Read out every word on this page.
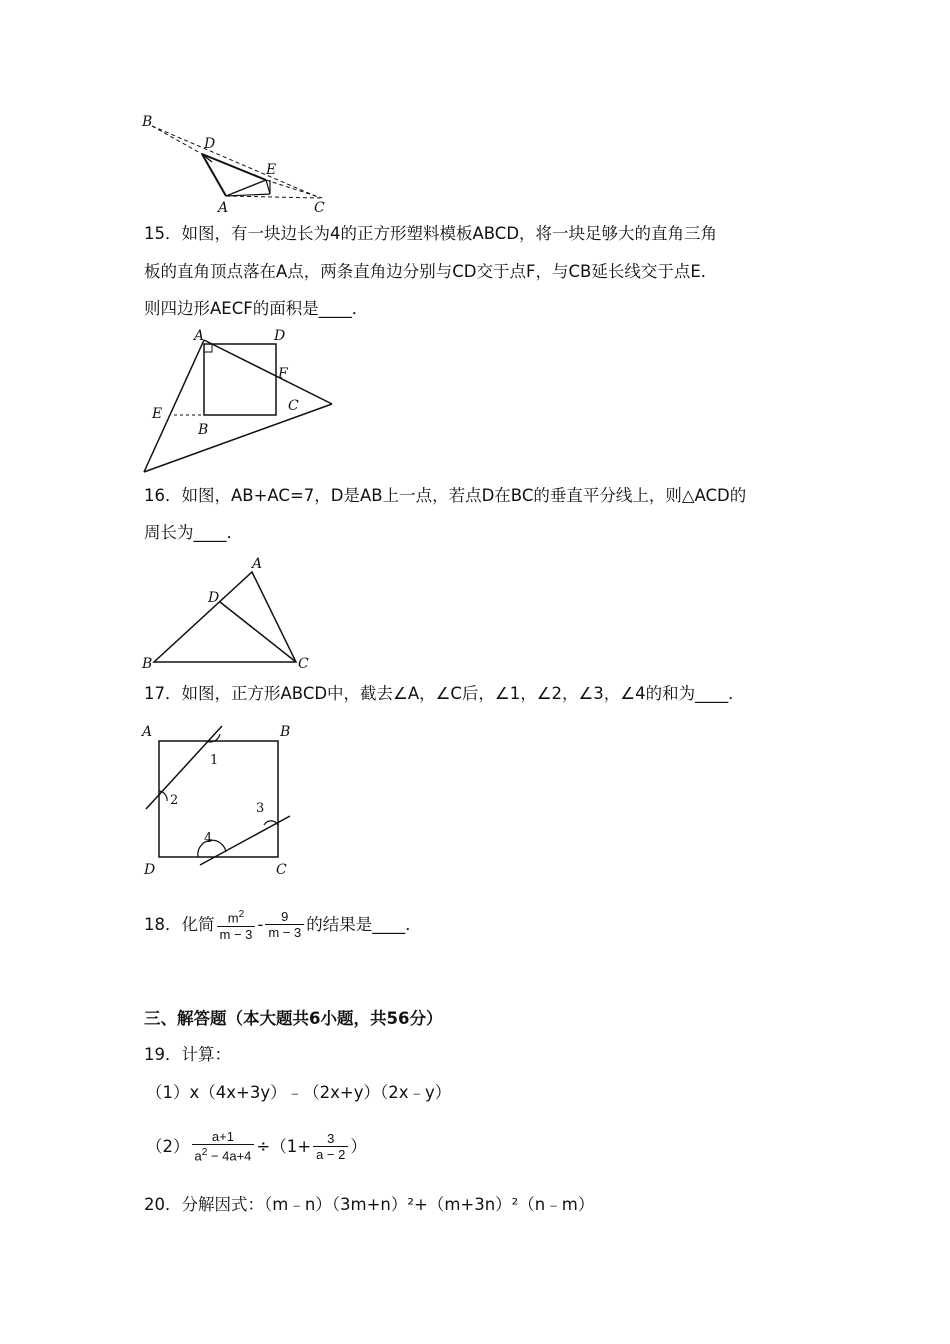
B
D
E
A	C
15．如图，有一块边长为4的正方形塑料模板ABCD，将一块足够大的直角三角
板的直角顶点落在A点，两条直角边分别与CD交于点F，与CB延长线交于点E．
则四边形AECF的面积是____．
A	D
F
C
E
B
16．如图，AB+AC=7，D是AB上一点，若点D在BC的垂直平分线上，则△ACD的
周长为____．
A
D
B	C
17．如图，正方形ABCD中，截去∠A，∠C后，∠1，∠2，∠3，∠4的和为____．
A	B
D	C
1
2
3
4
18．化简 $\frac{m^2}{m - 3} - \frac{9}{m - 3}$ 的结果是____．
三、解答题（本大题共6小题，共56分）
19．计算：
（1）x（4x+3y）﹣（2x+y）（2x﹣y）
$(2) \frac{a+1}{a^2 - 4a+4} \div(1+ \frac{3}{a - 2}$ ）
20．分解因式：（m﹣n）（3m+n）²+（m+3n）²（n﹣m）
